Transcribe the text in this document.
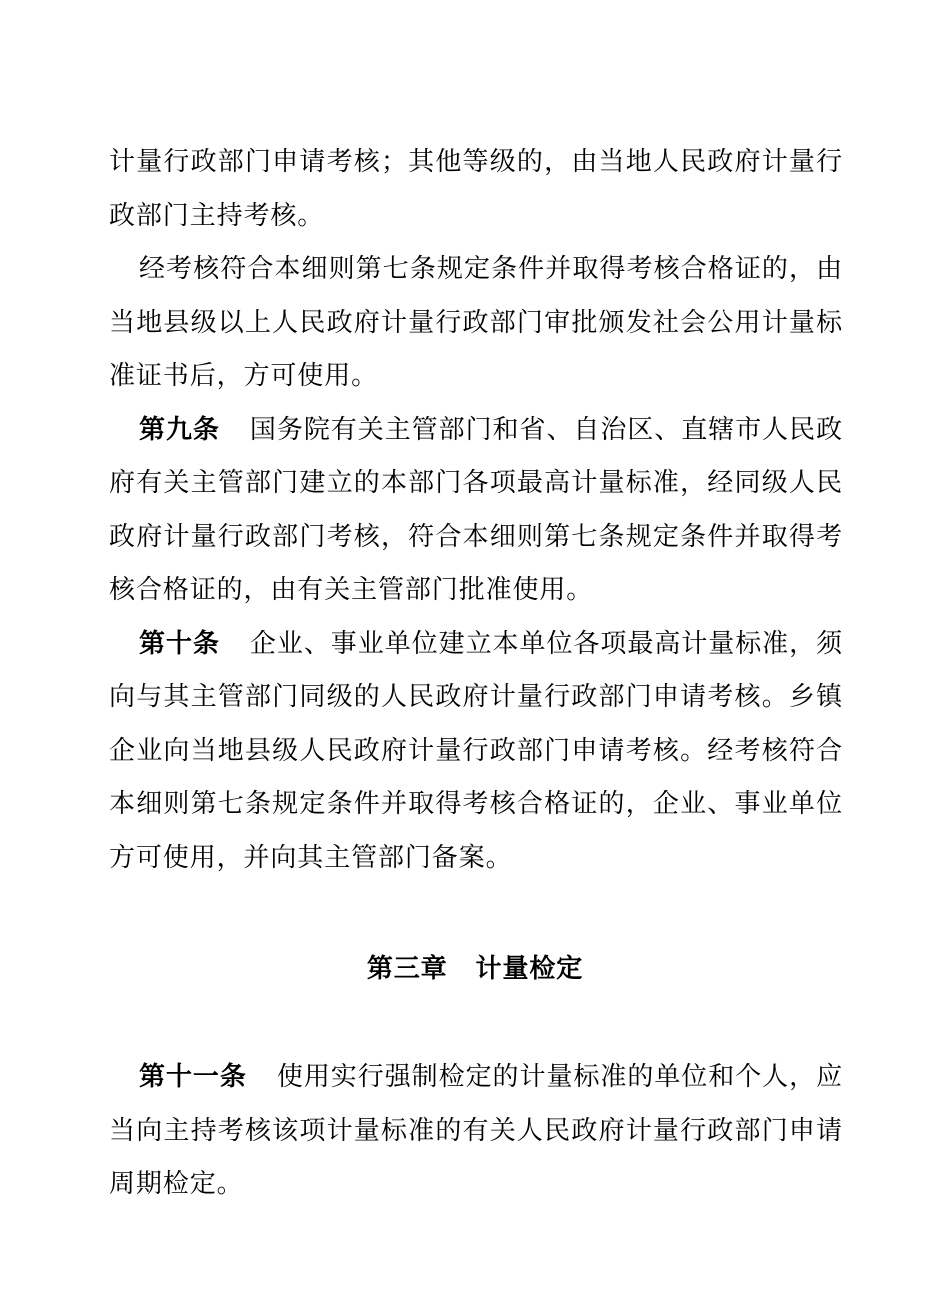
计量行政部门申请考核；其他等级的，由当地人民政府计量行政部门主持考核。

经考核符合本细则第七条规定条件并取得考核合格证的，由当地县级以上人民政府计量行政部门审批颁发社会公用计量标准证书后，方可使用。

第九条 国务院有关主管部门和省、自治区、直辖市人民政府有关主管部门建立的本部门各项最高计量标准，经同级人民政府计量行政部门考核，符合本细则第七条规定条件并取得考核合格证的，由有关主管部门批准使用。

第十条 企业、事业单位建立本单位各项最高计量标准，须向与其主管部门同级的人民政府计量行政部门申请考核。乡镇企业向当地县级人民政府计量行政部门申请考核。经考核符合本细则第七条规定条件并取得考核合格证的，企业、事业单位方可使用，并向其主管部门备案。

第三章 计量检定

第十一条 使用实行强制检定的计量标准的单位和个人，应当向主持考核该项计量标准的有关人民政府计量行政部门申请周期检定。
